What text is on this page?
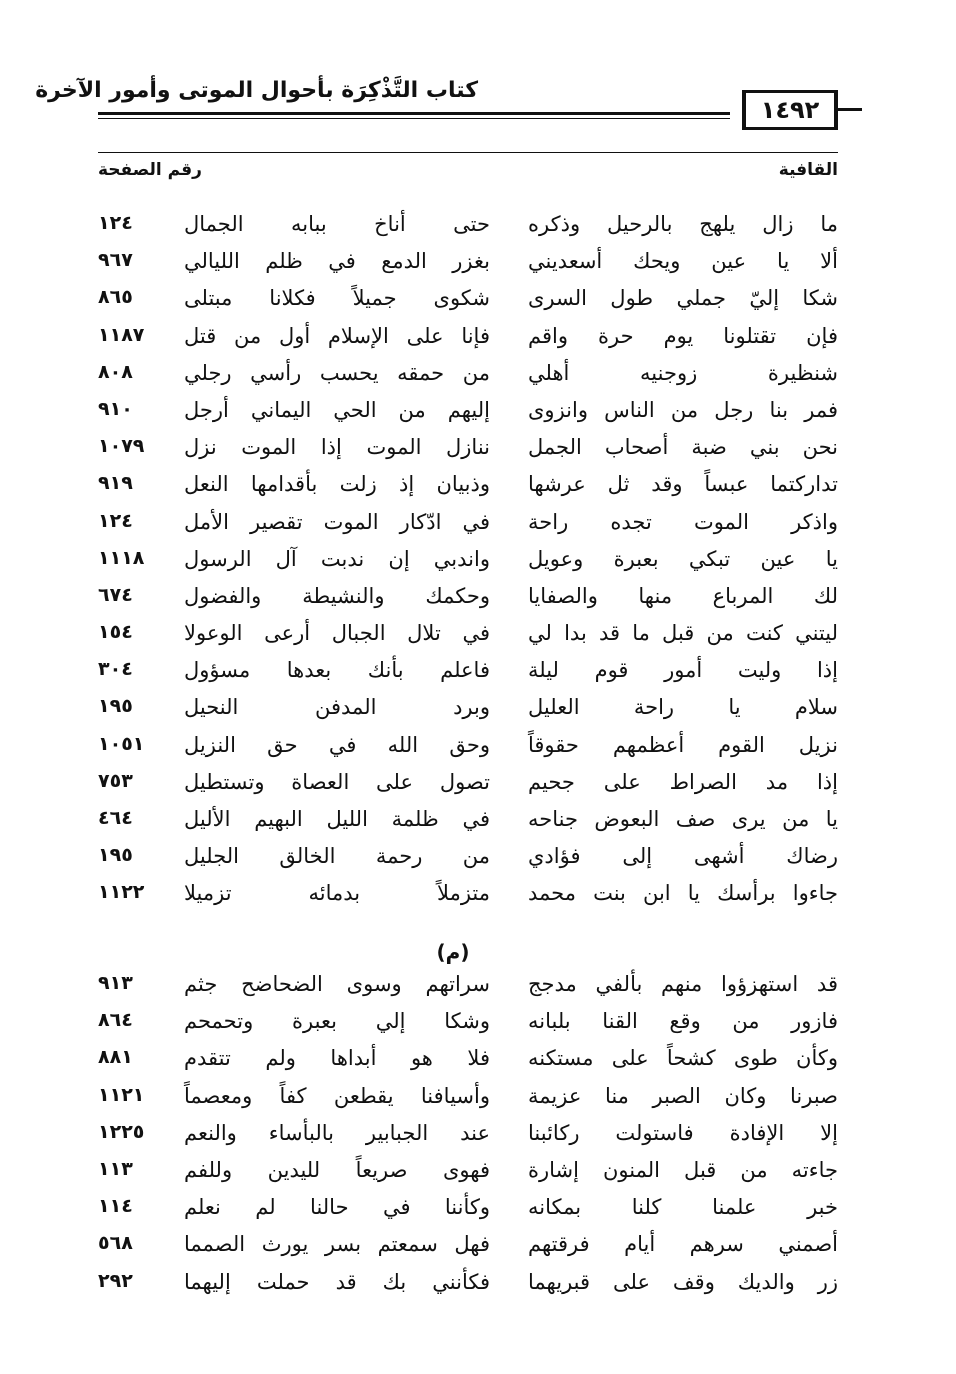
كتاب التَّذْكِرَة بأحوال الموتى وأمور الآخرة
١٤٩٢
القافية
رقم الصفحة
ما زال يلهج بالرحيل وذكره
حتى أناخ ببابه الجمال
١٢٤
ألا يا عين ويحك أسعديني
بغزر الدمع في ظلم الليالي
٩٦٧
شكا إليّ جملي طول السرى
شكوى جميلاً فكلانا مبتلى
٨٦٥
فإن تقتلونا يوم حرة واقم
فإنا على الإسلام أول من قتل
١١٨٧
شنظيرة زوجنيه أهلي
من حمقه يحسب رأسي رجلي
٨٠٨
فمر بنا رجل من الناس وانزوى
إليهم من الحي اليماني أرجل
٩١٠
نحن بني ضبة أصحاب الجمل
ننازل الموت إذا الموت نزل
١٠٧٩
تداركتما عبساً وقد ثل عرشها
وذبيان إذ زلت بأقدامها النعل
٩١٩
واذكر الموت تجده راحة
في ادّكار الموت تقصير الأمل
١٢٤
يا عين تبكي بعبرة وعويل
واندبي إن ندبت آل الرسول
١١١٨
لك المرباع منها والصفايا
وحكمك والنشيطة والفضول
٦٧٤
ليتني كنت من قبل ما قد بدا لي
في تلال الجبال أرعى الوعولا
١٥٤
إذا وليت أمور قوم ليلة
فاعلم بأنك بعدها مسؤول
٣٠٤
سلام يا راحة العليل
وبرد المدفن النحيل
١٩٥
نزيل القوم أعظمهم حقوقاً
وحق الله في حق النزيل
١٠٥١
إذا مد الصراط على جحيم
تصول على العصاة وتستطيل
٧٥٣
يا من يرى صف البعوض جناحه
في ظلمة الليل البهيم الأليل
٤٦٤
رضاك أشهى إلى فؤادي
من رحمة الخالق الجليل
١٩٥
جاءوا برأسك يا ابن بنت محمد
متزملاً بدمائه تزميلا
١١٢٢
(م)
قد استهزؤوا منهم بألفي مدجج
سراتهم وسوى الضحاضح جثم
٩١٣
فازور من وقع القنا بلبانه
وشكا إلي بعبرة وتحمحم
٨٦٤
وكأن طوى كشحاً على مستكنه
فلا هو أبداها ولم تتقدم
٨٨١
صبرنا وكان الصبر منا عزيمة
وأسيافنا يقطعن كفاً ومعصماً
١١٢١
إلا الإفادة فاستولت ركائبنا
عند الجبابير بالبأساء والنعم
١٢٢٥
جاءته من قبل المنون إشارة
فهوى صريعاً لليدين وللفم
١١٣
خبر علمنا كلنا بمكانه
وكأننا في حالنا لم نعلم
١١٤
أصمني سرهم أيام فرقتهم
فهل سمعتم بسر يورث الصمما
٥٦٨
زر والديك وقف على قبريهما
فكأنني بك قد حملت إليهما
٢٩٢
